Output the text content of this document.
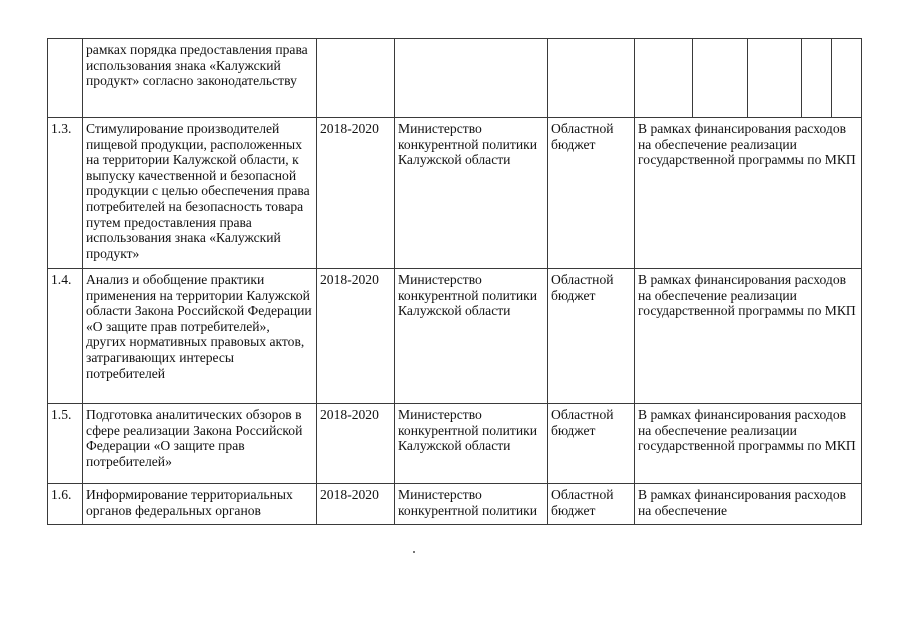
	рамках порядка предоставления права использования знака «Калужский продукт» согласно законодательству								
1.3.	Стимулирование производителей пищевой продукции, расположенных на территории Калужской области, к выпуску качественной и безопасной продукции с целью обеспечения права потребителей на безопасность товара путем предоставления права использования знака «Калужский продукт»	2018-2020	Министерство конкурентной политики Калужской области	Областной бюджет	В рамках финансирования расходов на обеспечение реализации государственной программы по МКП				
1.4.	Анализ и обобщение практики применения на территории Калужской области Закона Российской Федерации «О защите прав потребителей», других нормативных правовых актов, затрагивающих интересы потребителей	2018-2020	Министерство конкурентной политики Калужской области	Областной бюджет	В рамках финансирования расходов на обеспечение реализации государственной программы по МКП				
1.5.	Подготовка аналитических обзоров в сфере реализации Закона Российской Федерации «О защите прав потребителей»	2018-2020	Министерство конкурентной политики Калужской области	Областной бюджет	В рамках финансирования расходов на обеспечение реализации государственной программы по МКП				
1.6.	Информирование территориальных органов федеральных органов	2018-2020	Министерство конкурентной политики	Областной бюджет	В рамках финансирования расходов на обеспечение				
